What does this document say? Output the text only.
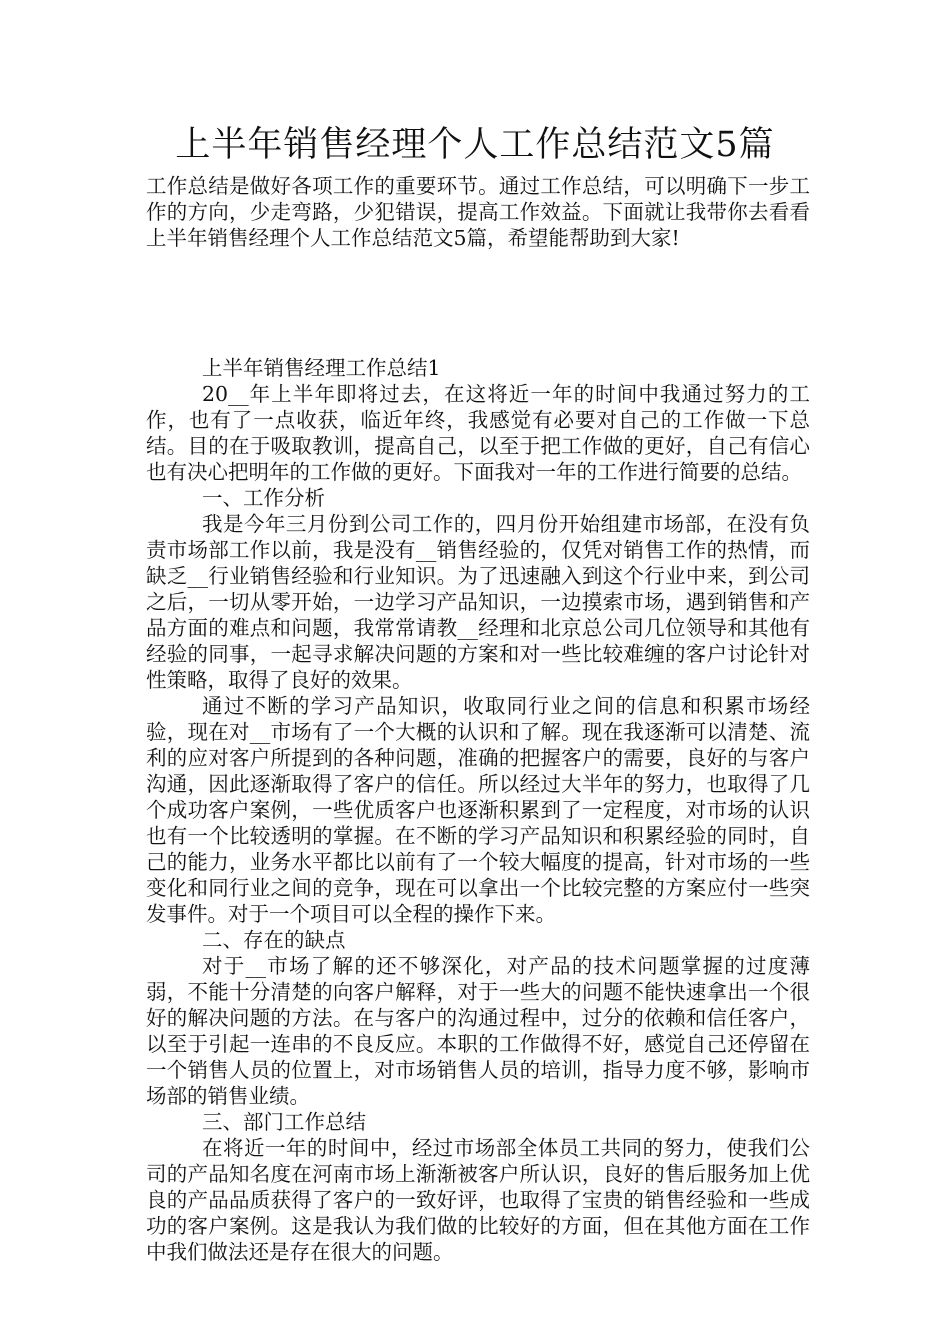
上半年销售经理个人工作总结范文5篇

工作总结是做好各项工作的重要环节。通过工作总结，可以明确下一步工作的方向，少走弯路，少犯错误，提高工作效益。下面就让我带你去看看上半年销售经理个人工作总结范文5篇，希望能帮助到大家!

上半年销售经理工作总结1

20__年上半年即将过去，在这将近一年的时间中我通过努力的工作，也有了一点收获，临近年终，我感觉有必要对自己的工作做一下总结。目的在于吸取教训，提高自己，以至于把工作做的更好，自己有信心也有决心把明年的工作做的更好。下面我对一年的工作进行简要的总结。

一、工作分析

我是今年三月份到公司工作的，四月份开始组建市场部，在没有负责市场部工作以前，我是没有__销售经验的，仅凭对销售工作的热情，而缺乏__行业销售经验和行业知识。为了迅速融入到这个行业中来，到公司之后，一切从零开始，一边学习产品知识，一边摸索市场，遇到销售和产品方面的难点和问题，我常常请教__经理和北京总公司几位领导和其他有经验的同事，一起寻求解决问题的方案和对一些比较难缠的客户讨论针对性策略，取得了良好的效果。

通过不断的学习产品知识，收取同行业之间的信息和积累市场经验，现在对__市场有了一个大概的认识和了解。现在我逐渐可以清楚、流利的应对客户所提到的各种问题，准确的把握客户的需要，良好的与客户沟通，因此逐渐取得了客户的信任。所以经过大半年的努力，也取得了几个成功客户案例，一些优质客户也逐渐积累到了一定程度，对市场的认识也有一个比较透明的掌握。在不断的学习产品知识和积累经验的同时，自己的能力，业务水平都比以前有了一个较大幅度的提高，针对市场的一些变化和同行业之间的竞争，现在可以拿出一个比较完整的方案应付一些突发事件。对于一个项目可以全程的操作下来。

二、存在的缺点

对于__市场了解的还不够深化，对产品的技术问题掌握的过度薄弱，不能十分清楚的向客户解释，对于一些大的问题不能快速拿出一个很好的解决问题的方法。在与客户的沟通过程中，过分的依赖和信任客户，以至于引起一连串的不良反应。本职的工作做得不好，感觉自己还停留在一个销售人员的位置上，对市场销售人员的培训，指导力度不够，影响市场部的销售业绩。

三、部门工作总结

在将近一年的时间中，经过市场部全体员工共同的努力，使我们公司的产品知名度在河南市场上渐渐被客户所认识，良好的售后服务加上优良的产品品质获得了客户的一致好评，也取得了宝贵的销售经验和一些成功的客户案例。这是我认为我们做的比较好的方面，但在其他方面在工作中我们做法还是存在很大的问题。
